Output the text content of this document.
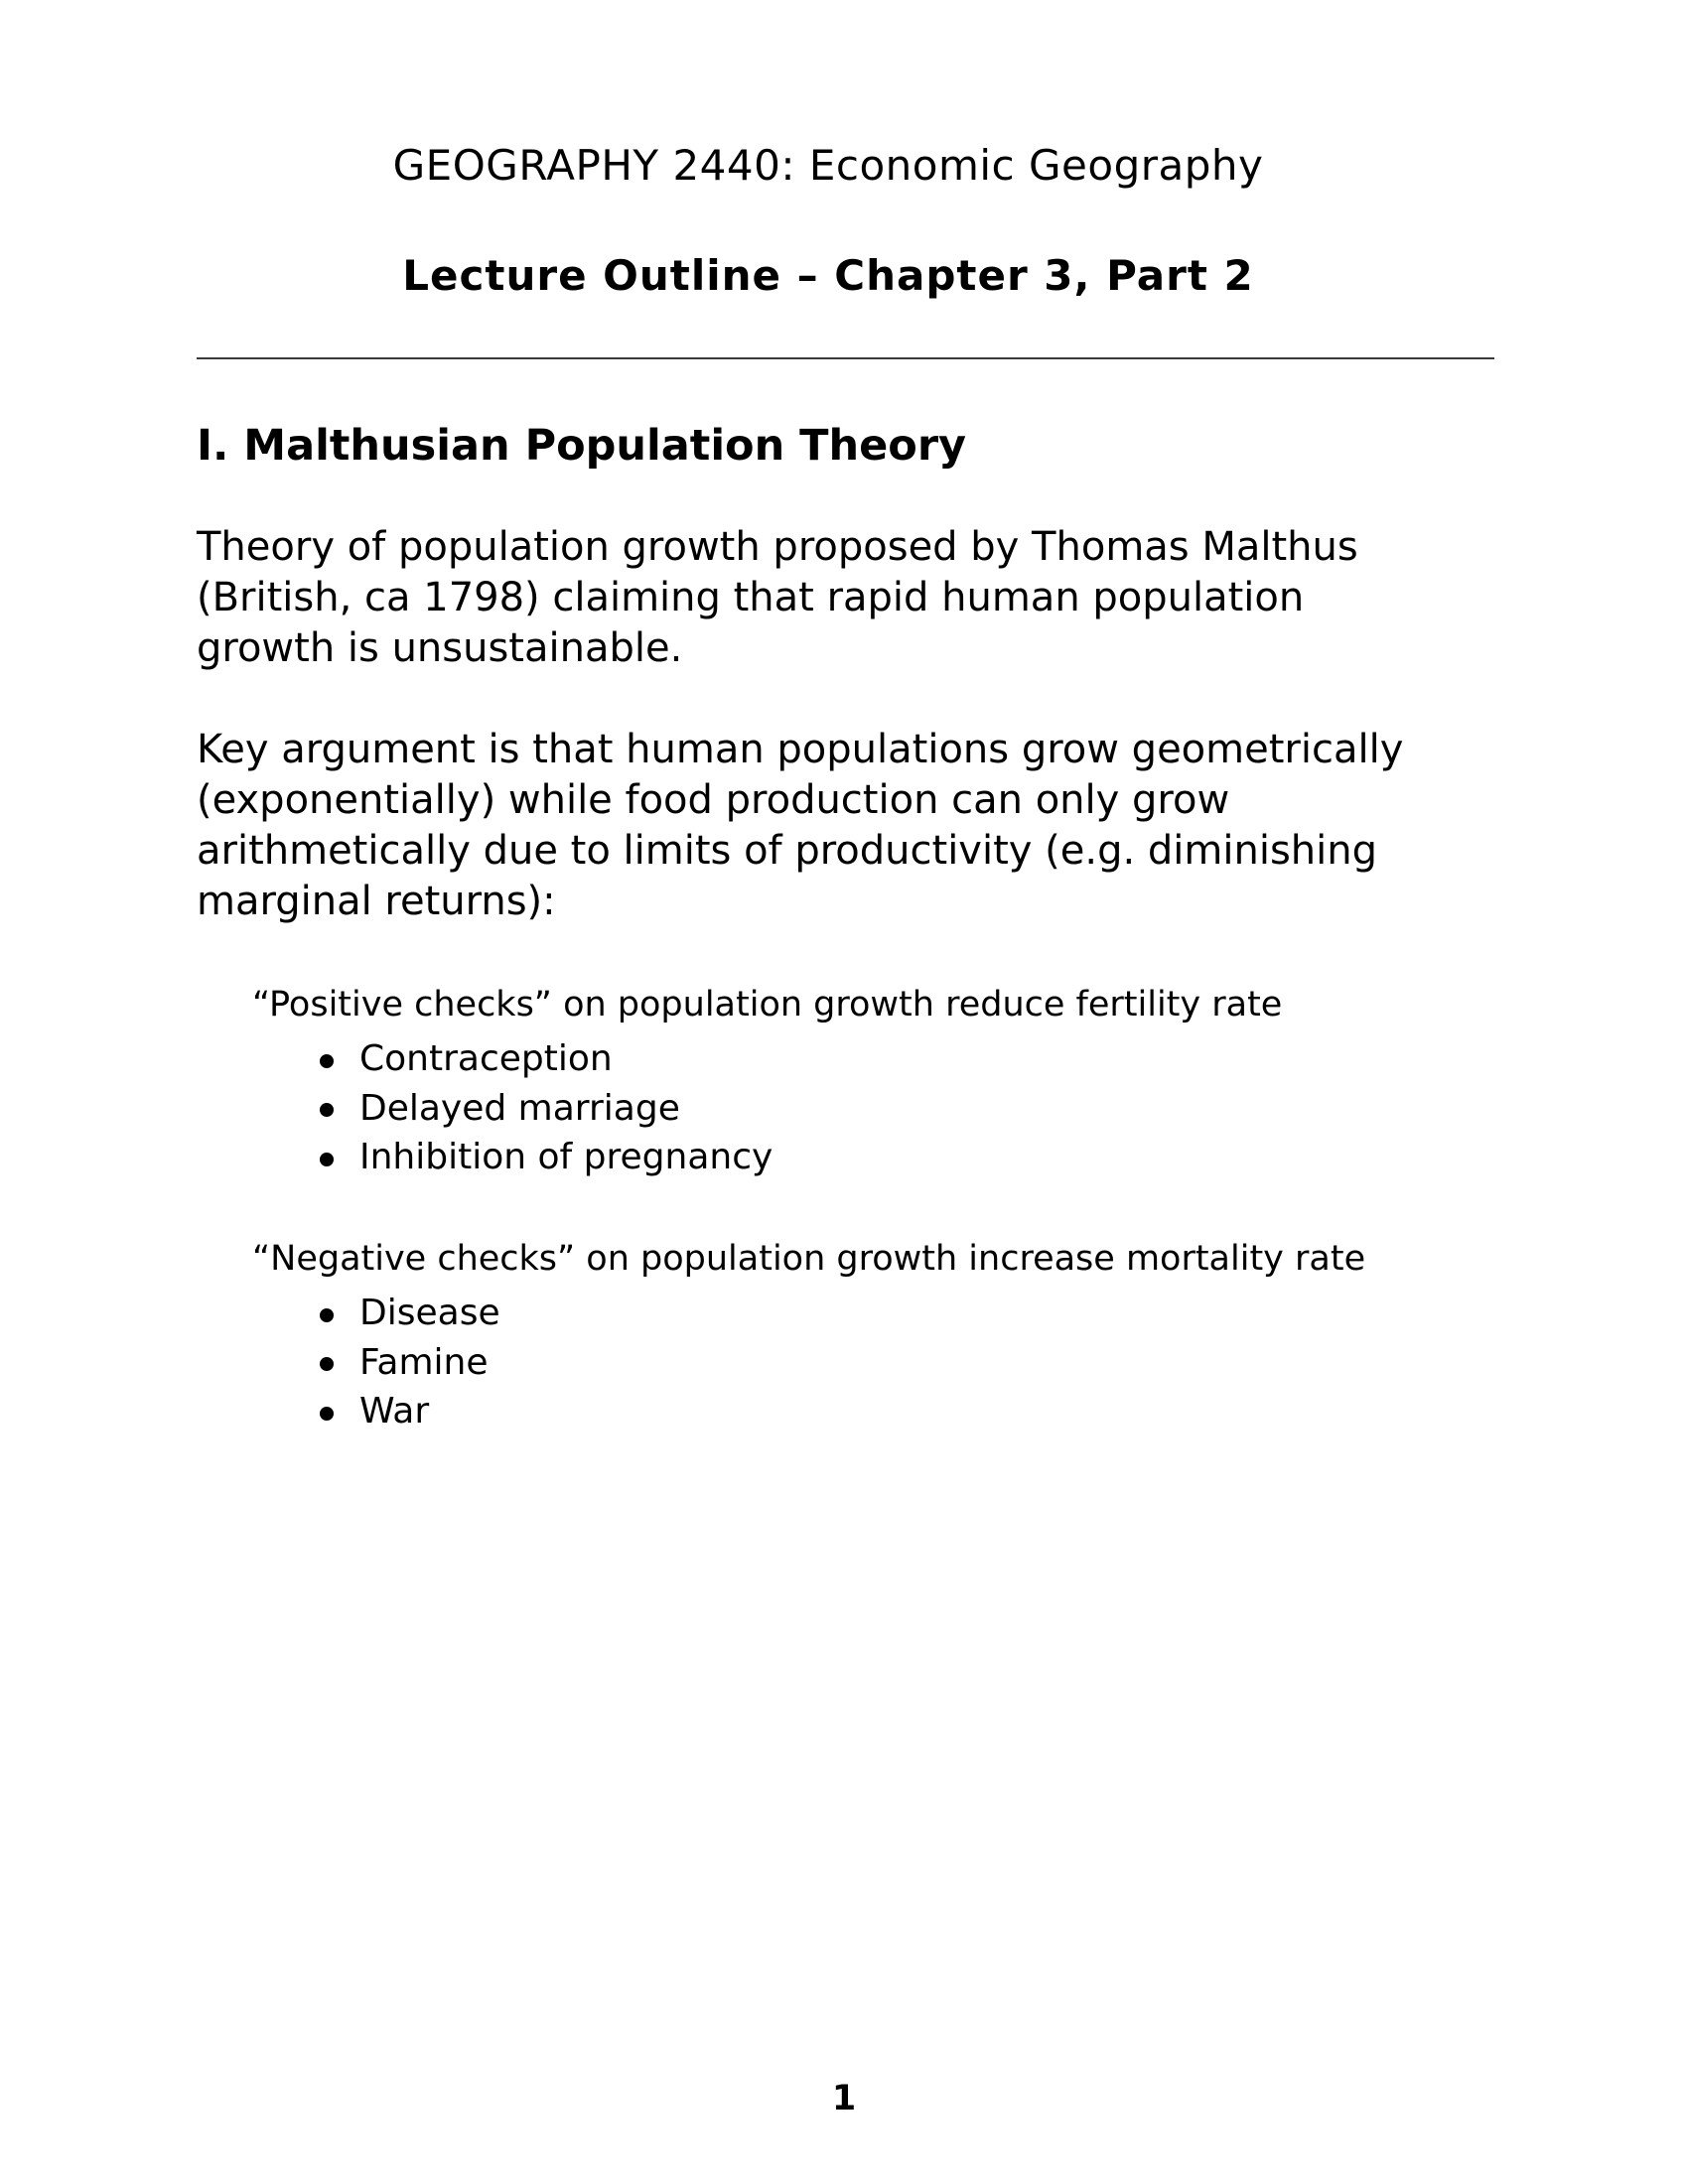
GEOGRAPHY 2440: Economic Geography
Lecture Outline – Chapter 3, Part 2
I. Malthusian Population Theory

Theory of population growth proposed by Thomas Malthus (British, ca 1798) claiming that rapid human population growth is unsustainable.

Key argument is that human populations grow geometrically (exponentially) while food production can only grow arithmetically due to limits of productivity (e.g. diminishing marginal returns):

“Positive checks” on population growth reduce fertility rate

Contraception
Delayed marriage
Inhibition of pregnancy

“Negative checks” on population growth increase mortality rate

Disease
Famine
War
1
